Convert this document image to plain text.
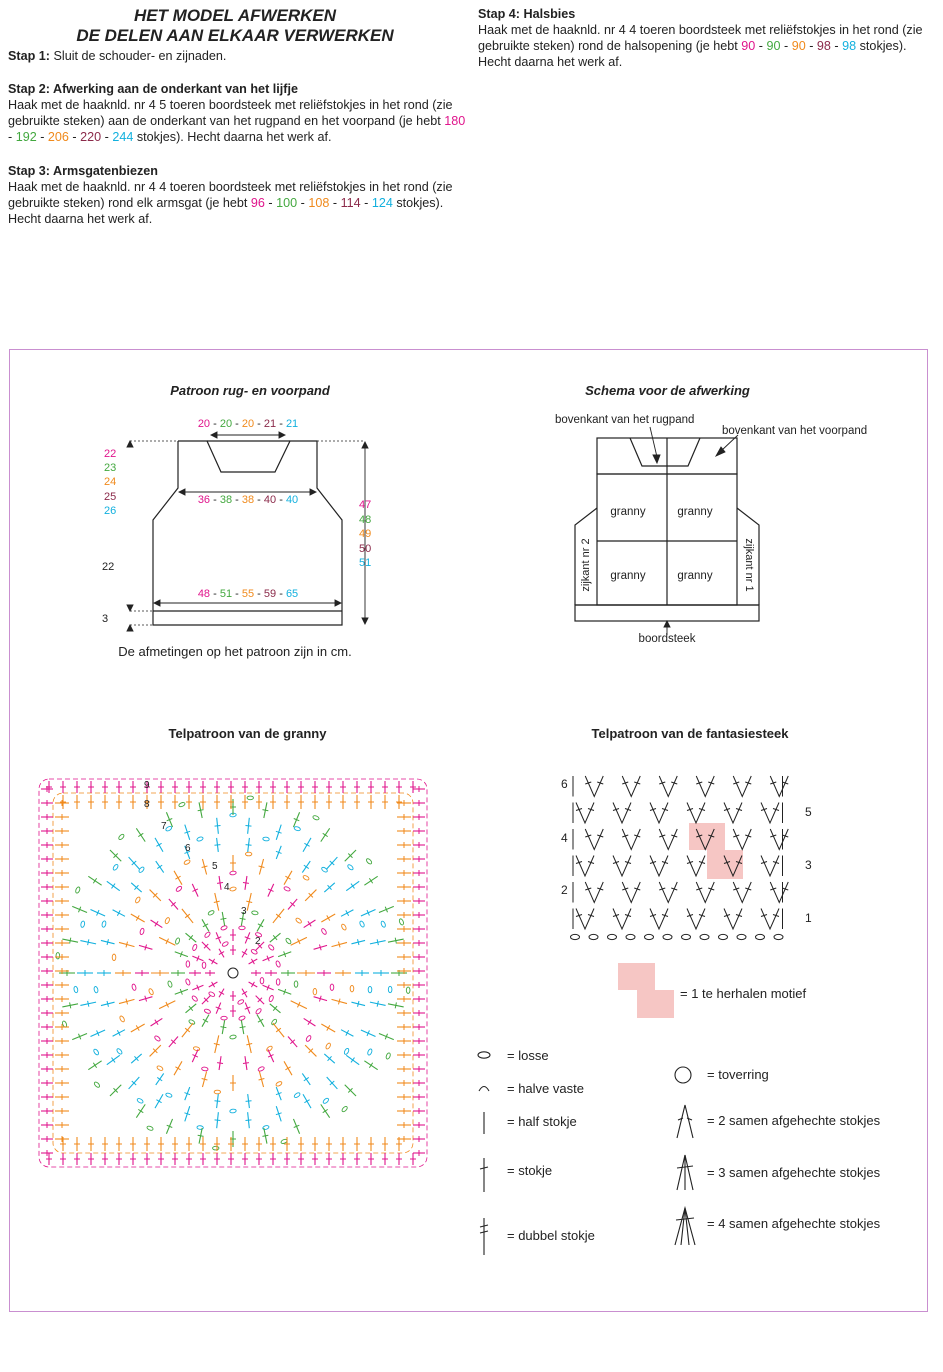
HET MODEL AFWERKEN
DE DELEN AAN ELKAAR VERWERKEN
Stap 1: Sluit de schouder- en zijnaden.
Stap 2: Afwerking aan de onderkant van het lijfje
Haak met de haaknld. nr 4 5 toeren boordsteek met reliëfstokjes in het rond (zie gebruikte steken) aan de onderkant van het rugpand en het voorpand (je hebt 180 - 192 - 206 - 220 - 244 stokjes). Hecht daarna het werk af.
Stap 3: Armsgatenbiezen
Haak met de haaknld. nr 4 4 toeren boordsteek met reliëfstokjes in het rond (zie gebruikte steken) rond elk armsgat (je hebt 96 - 100 - 108 - 114 - 124 stokjes). Hecht daarna het werk af.
Stap 4: Halsbies
Haak met de haaknld. nr 4 4 toeren boordsteek met reliëfstokjes in het rond (zie gebruikte steken) rond de halsopening (je hebt 90 - 90 - 90 - 98 - 98 stokjes). Hecht daarna het werk af.
Patroon rug- en voorpand
20 - 20 - 20 - 21 - 21
36 - 38 - 38 - 40 - 40
48 - 51 - 55 - 59 - 65
22
23
24
25
26	47
48
49
50
51
22
3
De afmetingen op het patroon zijn in cm.
Schema voor de afwerking
bovenkant van het rugpand
bovenkant van het voorpand
granny	granny
granny	granny
zijkant nr 2	zijkant nr 1
boordsteek
Telpatroon van de granny
2
3
4
5
6
7
8
9
Telpatroon van de fantasiesteek
1
2
3
4
5
6
= 1 te herhalen motief
= losse
= halve vaste
= half stokje
= stokje
= dubbel stokje
= toverring
= 2 samen afgehechte stokjes
= 3 samen afgehechte stokjes
= 4 samen afgehechte stokjes
